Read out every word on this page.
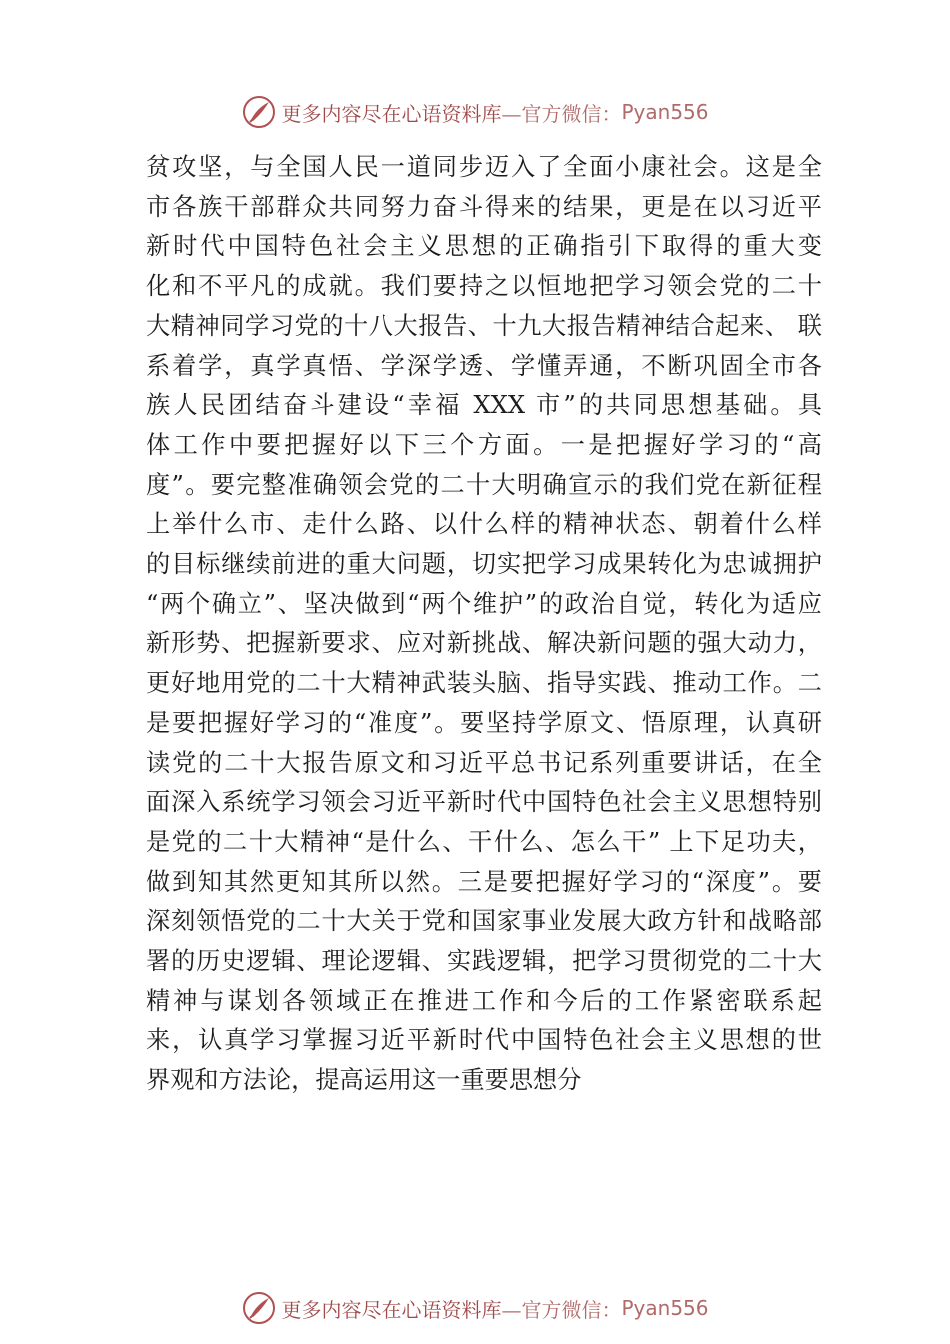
更多内容尽在心语资料库 —官方微信： Pyan556
贫攻坚，与全国人民一道同步迈入了全面小康社会。这是全
市各族干部群众共同努力奋斗得来的结果，更是在以习近平
新时代中国特色社会主义思想的正确指引下取得的重大变
化和不平凡的成就。我们要持之以恒地把学习领会党的二十
大精神同学习党的十八大报告、十九大报告精神结合起来、 联
系着学，真学真悟、学深学透、学懂弄通，不断巩固全市各
族人民团结奋斗建设“幸福 XXX 市”的共同思想基础。具
体工作中要把握好以下三个方面。一是把握好学习的“高
度”。要完整准确领会党的二十大明确宣示的我们党在新征程
上举什么市、走什么路、以什么样的精神状态、朝着什么样
的目标继续前进的重大问题，切实把学习成果转化为忠诚拥护
“两个确立”、坚决做到“两个维护”的政治自觉，转化为适应
新形势、把握新要求、应对新挑战、解决新问题的强大动力，
更好地用党的二十大精神武装头脑、指导实践、推动工作。二
是要把握好学习的“准度”。要坚持学原文、悟原理，认真研
读党的二十大报告原文和习近平总书记系列重要讲话，在全
面深入系统学习领会习近平新时代中国特色社会主义思想特别
是党的二十大精神“是什么、干什么、怎么干” 上下足功夫，
做到知其然更知其所以然。三是要把握好学习的“深度”。要
深刻领悟党的二十大关于党和国家事业发展大政方针和战略部
署的历史逻辑、理论逻辑、实践逻辑，把学习贯彻党的二十大
精神与谋划各领域正在推进工作和今后的工作紧密联系起
来，认真学习掌握习近平新时代中国特色社会主义思想的世
界观和方法论，提高运用这一重要思想分
更多内容尽在心语资料库 —官方微信： Pyan556
